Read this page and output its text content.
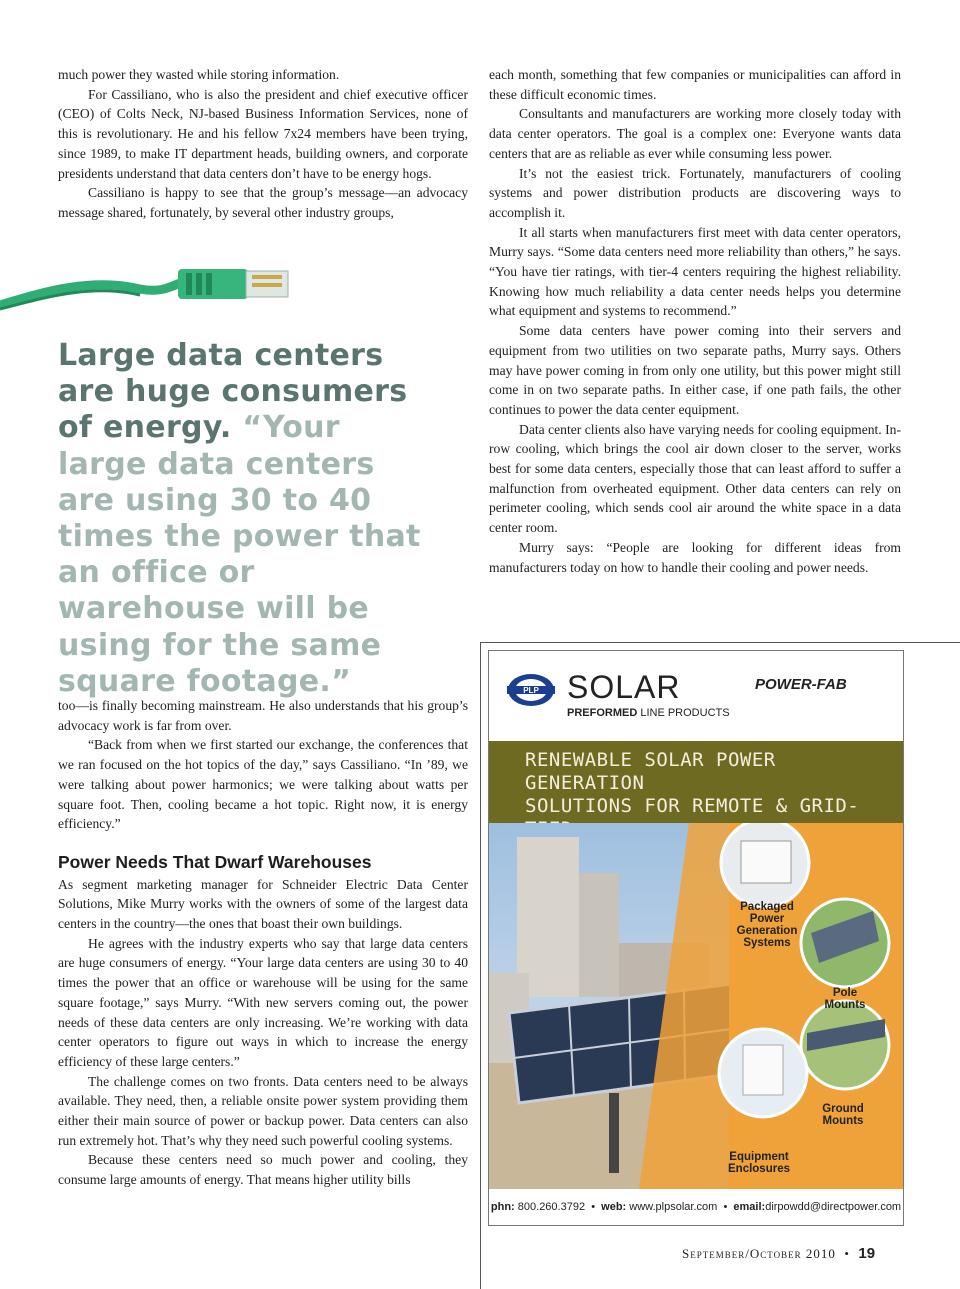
much power they wasted while storing information.

For Cassiliano, who is also the president and chief executive officer (CEO) of Colts Neck, NJ-based Business Information Services, none of this is revolutionary. He and his fellow 7x24 members have been trying, since 1989, to make IT department heads, building owners, and corporate presidents understand that data centers don’t have to be energy hogs.

Cassiliano is happy to see that the group’s message—an advocacy message shared, fortunately, by several other industry groups,

Large data centers are huge consumers of energy. “Your large data centers are using 30 to 40 times the power that an office or warehouse will be using for the same square footage.”

too—is finally becoming mainstream. He also understands that his group’s advocacy work is far from over.

“Back from when we first started our exchange, the conferences that we ran focused on the hot topics of the day,” says Cassiliano. “In ’89, we were talking about power harmonics; we were talking about watts per square foot. Then, cooling became a hot topic. Right now, it is energy efficiency.”

Power Needs That Dwarf Warehouses

As segment marketing manager for Schneider Electric Data Center Solutions, Mike Murry works with the owners of some of the largest data centers in the country—the ones that boast their own buildings.

He agrees with the industry experts who say that large data centers are huge consumers of energy. “Your large data centers are using 30 to 40 times the power that an office or warehouse will be using for the same square footage,” says Murry. “With new servers coming out, the power needs of these data centers are only increasing. We’re working with data center operators to figure out ways in which to increase the energy efficiency of these large centers.”

The challenge comes on two fronts. Data centers need to be always available. They need, then, a reliable onsite power system providing them either their main source of power or backup power. Data centers can also run extremely hot. That’s why they need such powerful cooling systems.

Because these centers need so much power and cooling, they consume large amounts of energy. That means higher utility bills

each month, something that few companies or municipalities can afford in these difficult economic times.

Consultants and manufacturers are working more closely today with data center operators. The goal is a complex one: Everyone wants data centers that are as reliable as ever while consuming less power.

It’s not the easiest trick. Fortunately, manufacturers of cooling systems and power distribution products are discovering ways to accomplish it.

It all starts when manufacturers first meet with data center operators, Murry says. “Some data centers need more reliability than others,” he says. “You have tier ratings, with tier-4 centers requiring the highest reliability. Knowing how much reliability a data center needs helps you determine what equipment and systems to recommend.”

Some data centers have power coming into their servers and equipment from two utilities on two separate paths, Murry says. Others may have power coming in from only one utility, but this power might still come in on two separate paths. In either case, if one path fails, the other continues to power the data center equipment.

Data center clients also have varying needs for cooling equipment. In-row cooling, which brings the cool air down closer to the server, works best for some data centers, especially those that can least afford to suffer a malfunction from overheated equipment. Other data centers can rely on perimeter cooling, which sends cool air around the white space in a data center room.

Murry says: “People are looking for different ideas from manufacturers today on how to handle their cooling and power needs.

PLP SOLAR
PREFORMED LINE PRODUCTS
POWER-FAB
RENEWABLE SOLAR POWER GENERATION
SOLUTIONS FOR REMOTE & GRID-
Packaged Power Generation Systems
Pole Mounts
Ground Mounts
Equipment Enclosures
phn: 800.260.3792  •  web: www.plpsolar.com  •  email:dirpowdd@directpower.com
September/October 2010  •  19
